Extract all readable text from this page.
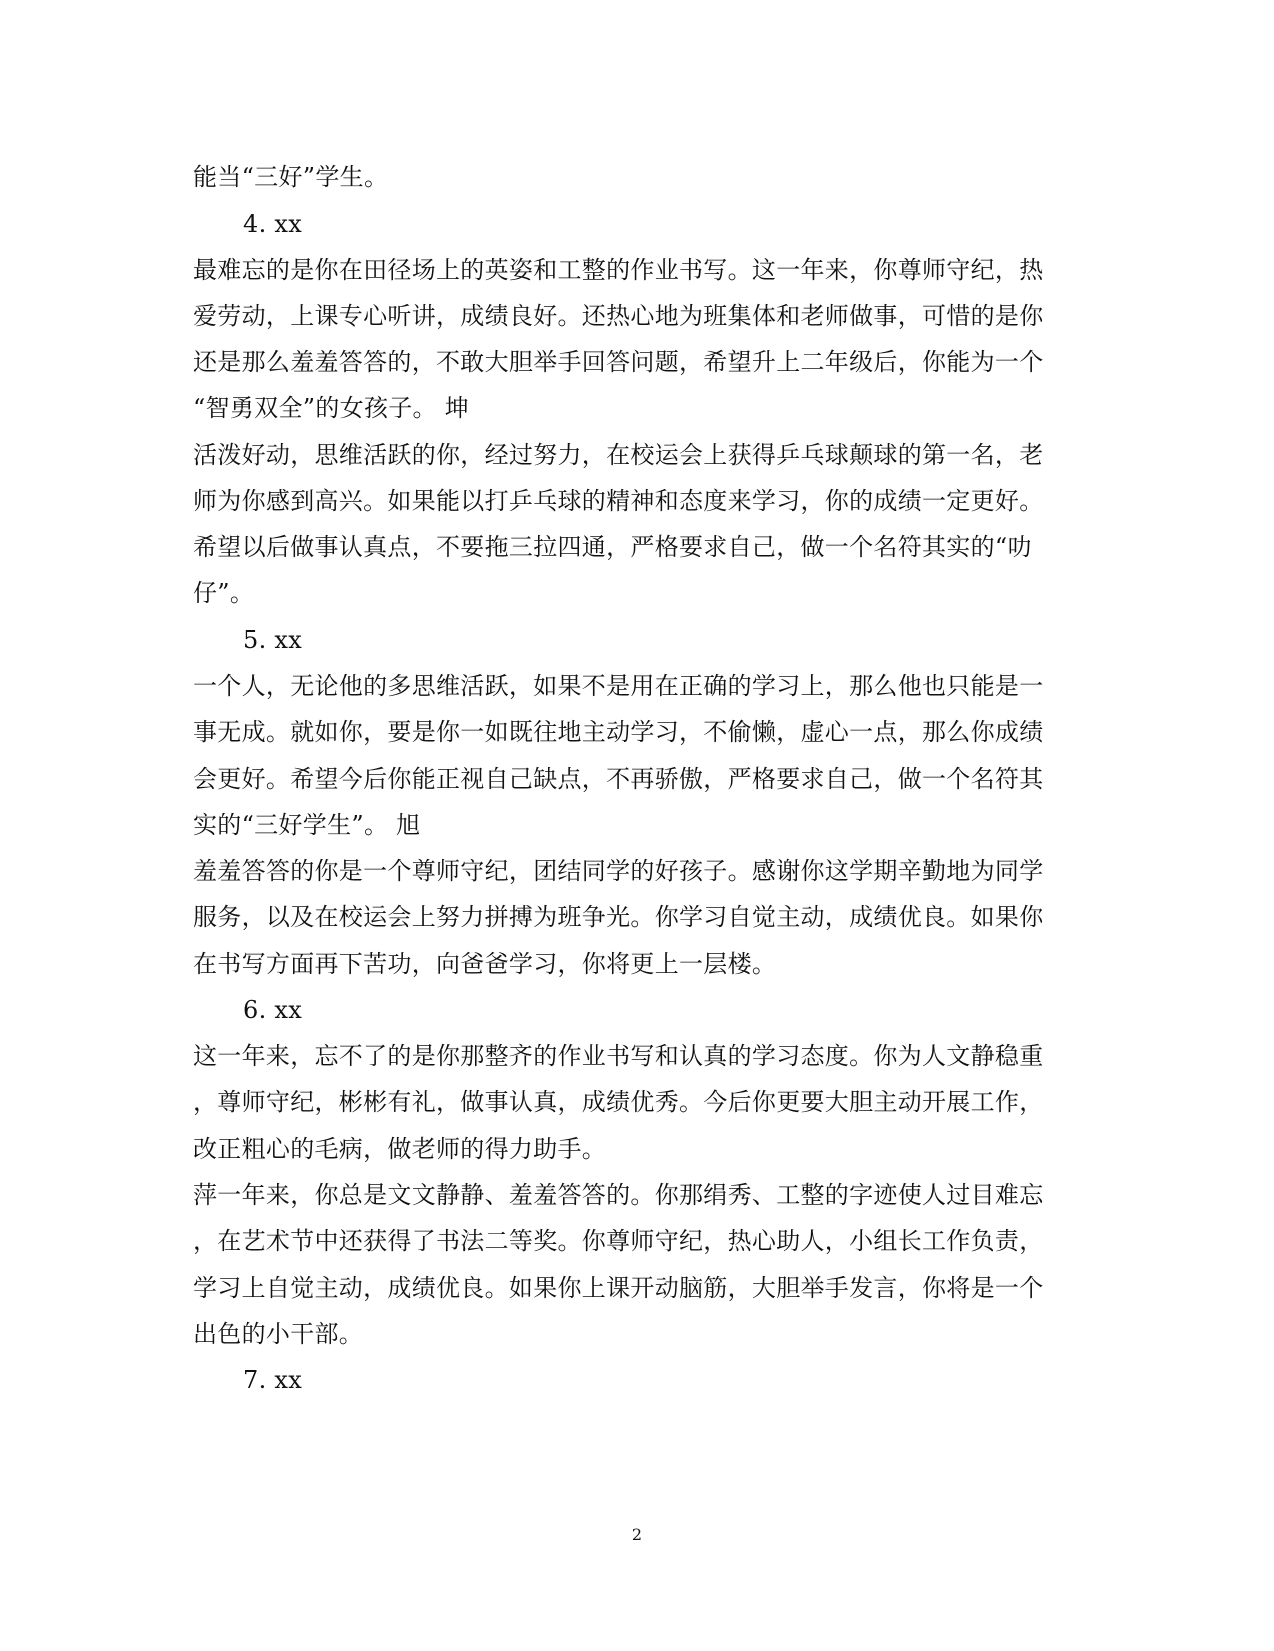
能当“三好”学生。
4. xx
最难忘的是你在田径场上的英姿和工整的作业书写。这一年来，你尊师守纪，热
爱劳动，上课专心听讲，成绩良好。还热心地为班集体和老师做事，可惜的是你
还是那么羞羞答答的，不敢大胆举手回答问题，希望升上二年级后，你能为一个
“智勇双全”的女孩子。 坤
活泼好动，思维活跃的你，经过努力，在校运会上获得乒乓球颠球的第一名，老
师为你感到高兴。如果能以打乒乓球的精神和态度来学习，你的成绩一定更好。
希望以后做事认真点，不要拖三拉四通，严格要求自己，做一个名符其实的“叻
仔”。
5. xx
一个人，无论他的多思维活跃，如果不是用在正确的学习上，那么他也只能是一
事无成。就如你，要是你一如既往地主动学习，不偷懒，虚心一点，那么你成绩
会更好。希望今后你能正视自己缺点，不再骄傲，严格要求自己，做一个名符其
实的“三好学生”。 旭
羞羞答答的你是一个尊师守纪，团结同学的好孩子。感谢你这学期辛勤地为同学
服务，以及在校运会上努力拼搏为班争光。你学习自觉主动，成绩优良。如果你
在书写方面再下苦功，向爸爸学习，你将更上一层楼。
6. xx
这一年来，忘不了的是你那整齐的作业书写和认真的学习态度。你为人文静稳重
，尊师守纪，彬彬有礼，做事认真，成绩优秀。今后你更要大胆主动开展工作，
改正粗心的毛病，做老师的得力助手。
萍一年来，你总是文文静静、羞羞答答的。你那绢秀、工整的字迹使人过目难忘
，在艺术节中还获得了书法二等奖。你尊师守纪，热心助人，小组长工作负责，
学习上自觉主动，成绩优良。如果你上课开动脑筋，大胆举手发言，你将是一个
出色的小干部。
7. xx
2
